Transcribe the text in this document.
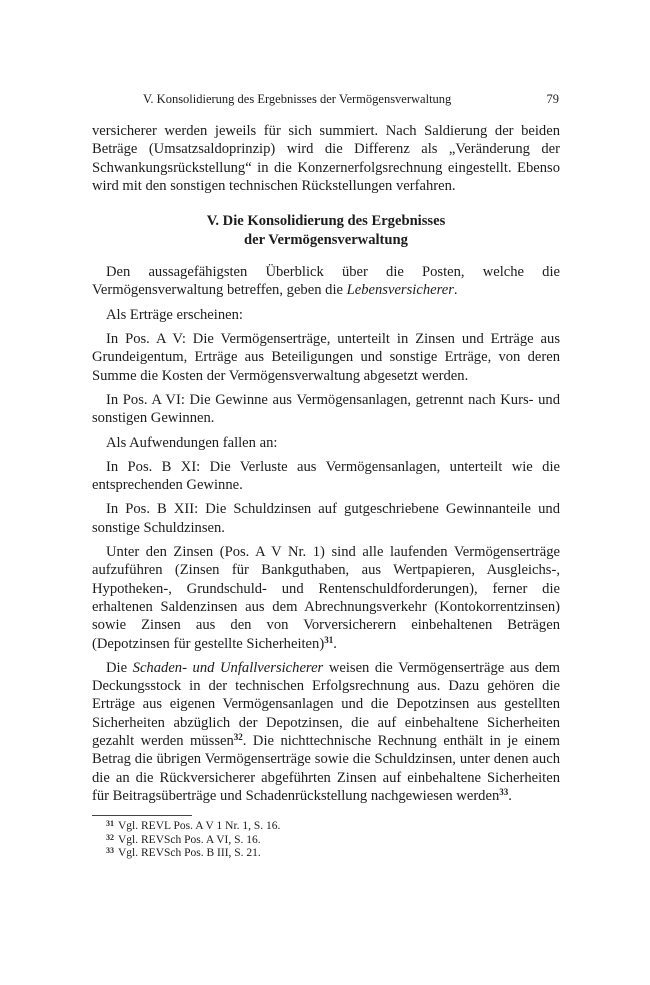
V. Konsolidierung des Ergebnisses der Vermögensverwaltung	79

versicherer werden jeweils für sich summiert. Nach Saldierung der beiden Beträge (Umsatzsaldoprinzip) wird die Differenz als „Veränderung der Schwankungsrückstellung“ in die Konzernerfolgsrechnung eingestellt. Ebenso wird mit den sonstigen technischen Rückstellungen verfahren.

V. Die Konsolidierung des Ergebnisses
der Vermögensverwaltung

Den aussagefähigsten Überblick über die Posten, welche die Vermögensverwaltung betreffen, geben die Lebensversicherer.

Als Erträge erscheinen:

In Pos. A V: Die Vermögenserträge, unterteilt in Zinsen und Erträge aus Grundeigentum, Erträge aus Beteiligungen und sonstige Erträge, von deren Summe die Kosten der Vermögensverwaltung abgesetzt werden.

In Pos. A VI: Die Gewinne aus Vermögensanlagen, getrennt nach Kurs- und sonstigen Gewinnen.

Als Aufwendungen fallen an:

In Pos. B XI: Die Verluste aus Vermögensanlagen, unterteilt wie die entsprechenden Gewinne.

In Pos. B XII: Die Schuldzinsen auf gutgeschriebene Gewinnanteile und sonstige Schuldzinsen.

Unter den Zinsen (Pos. A V Nr. 1) sind alle laufenden Vermögenserträge aufzuführen (Zinsen für Bankguthaben, aus Wertpapieren, Ausgleichs-, Hypotheken-, Grundschuld- und Rentenschuldforderungen), ferner die erhaltenen Saldenzinsen aus dem Abrechnungsverkehr (Kontokorrentzinsen) sowie Zinsen aus den von Vorversicherern einbehaltenen Beträgen (Depotzinsen für gestellte Sicherheiten)$^{31}$.

Die Schaden- und Unfallversicherer weisen die Vermögenserträge aus dem Deckungsstock in der technischen Erfolgsrechnung aus. Dazu gehören die Erträge aus eigenen Vermögensanlagen und die Depotzinsen aus gestellten Sicherheiten abzüglich der Depotzinsen, die auf einbehaltene Sicherheiten gezahlt werden müssen$^{32}$. Die nichttechnische Rechnung enthält in je einem Betrag die übrigen Vermögenserträge sowie die Schuldzinsen, unter denen auch die an die Rückversicherer abgeführten Zinsen auf einbehaltene Sicherheiten für Beitragsüberträge und Schadenrückstellung nachgewiesen werden$^{33}$.

$^{31}$ Vgl. REVL Pos. A V 1 Nr. 1, S. 16.
$^{32}$ Vgl. REVSch Pos. A VI, S. 16.
$^{33}$ Vgl. REVSch Pos. B III, S. 21.
